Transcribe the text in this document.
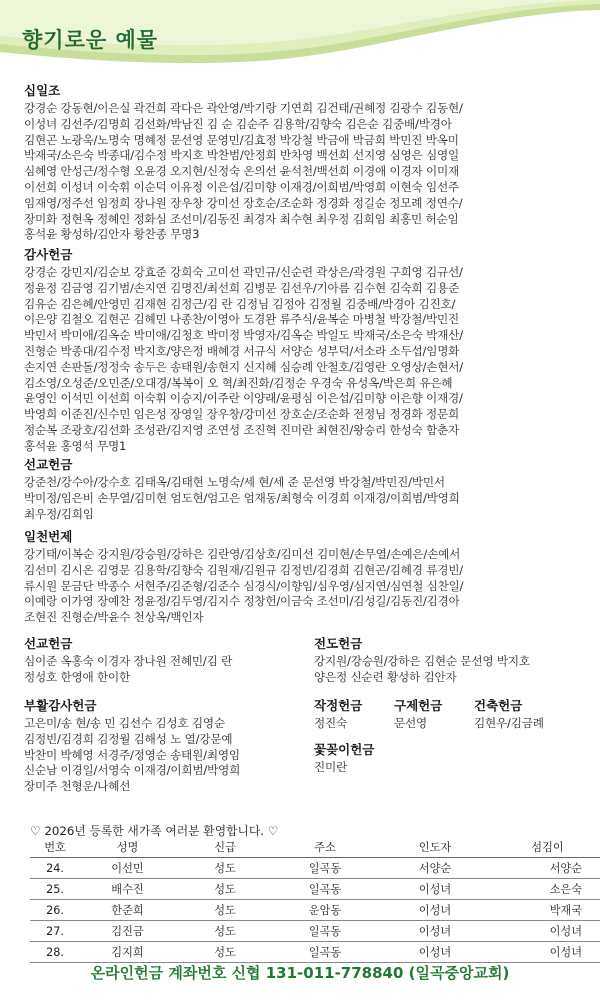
향기로운 예물
십일조
강경순 강동현/이은실 곽건희 곽다은 곽안영/박기랑 기연희 김건태/권혜정 김광수 김동현/
이성녀 김선주/김명희 김선화/박남진 김 순 김순주 김용학/김향숙 김은순 김중배/박경아
김현곤 노광욱/노명숙 명혜정 문선영 문영민/김효정 박강철 박금애 박금희 박민진 박옥미
박재국/소은숙 박종대/김수정 박지호 박찬범/안정희 반차영 백선희 선지영 심영은 심영일
심혜영 안성근/정수형 오윤경 오지현/신정숙 온의선 윤석천/백선희 이경애 이경자 이미재
이선희 이성녀 이숙휘 이순덕 이유정 이은섭/김미향 이재경/이희범/박영희 이현숙 임선주
임재영/정주선 임정희 장나원 장우창 강미선 장호순/조순화 정경화 정길순 정모례 정연수/
장미화 정현옥 정혜인 정화심 조선미/김동진 최경자 최수현 최우정 김희임 최홍민 허순임
홍석윤 황성하/김안자 황찬종 무명3
감사헌금
강경순 강민지/김순보 강효준 강희숙 고미선 곽민규/신순련 곽상은/곽경원 구희영 김규선/
정윤정 김금영 김기범/손지연 김명진/최선희 김병문 김선우/기아름 김수현 김숙희 김용준
김유순 김은혜/안영민 김재현 김정근/김 란 김정님 김정아 김정월 김중배/박경아 김진호/
이은양 김철오 김현곤 김혜민 나종찬/이영아 도경완 류주식/윤복순 마병철 박강철/박민진
박민서 박미애/김옥순 박미애/김청호 박미정 박영자/김옥순 박일도 박재국/소은숙 박재산/
진형순 박종대/김수정 박지호/양은정 배혜경 서규식 서양순 성부덕/서소라 소두섭/임명화
손지연 손판돌/정정숙 송두은 송태원/송현지 신지혜 심승례 안철호/김영란 오영상/손현서/
김소영/오성준/오민준/오대경/복복이 오 혁/최진화/김정순 우경숙 유성옥/박은희 유은혜
윤영인 이석민 이선희 이숙휘 이승지/이주란 이양래/윤평심 이은섭/김미향 이은향 이재경/
박영희 이준진/신수민 임은성 장영일 장우창/강미선 장호순/조순화 전정님 정경화 정문희
정순복 조광호/김선화 조성관/김지영 조연성 조진혁 진미란 최현진/왕승리 한성숙 함춘자
홍석윤 홍영석 무명1
선교헌금
강준천/강수아/강수호 김태옥/김태현 노명숙/세 현/세 준 문선영 박강철/박민진/박민서
박미정/임은비 손무열/김미현 엄도현/엄고은 엄재동/최형숙 이경희 이재경/이희범/박영희
최우정/김희임
일천번제
강기태/이복순 강지원/강승원/강하은 김란영/김상호/김미선 김미현/손무열/손예은/손예서
김선미 김시온 김영문 김용학/김향숙 김원재/김원규 김정빈/김경희 김현곤/김혜경 류경빈/
류시원 문금단 박종수 서현주/김준형/김준수 심경식/이향임/심우영/심지연/심연철 심찬일/
이예랑 이가영 장예찬 정윤정/김두영/김지수 정창헌/이금숙 조선미/김성길/김동진/김경아
조현진 진형순/박윤수 천상옥/백인자
선교헌금
심이준 옥홍숙 이경자 장나원 전혜민/김 란
정성호 한영애 한이한
전도헌금
강지원/강승원/강하은 김현순 문선영 박지호
양은정 신순련 황성하 김안자
부활감사헌금
고은미/송 현/송 민 김선수 김성호 김영순
김정빈/김경희 김정월 김해성 노 열/강문예
박찬미 박혜영 서경주/정영순 송태원/최영임
신순남 이경일/서영숙 이재경/이희범/박영희
장미주 천형운/나혜선
작정헌금
정진숙
구제헌금
문선영
건축헌금
김현우/김금례
꽃꽂이헌금
진미란
♡ 2026년 등록한 새가족 여러분 환영합니다. ♡
번호	성명	신급	주소	인도자	섬김이
24.	이선민	성도	일곡동	서양순	서양순
25.	배수진	성도	일곡동	이성녀	소은숙
26.	한준희	성도	운암동	이성녀	박재국
27.	김진금	성도	일곡동	이성녀	이성녀
28.	김지희	성도	일곡동	이성녀	이성녀
온라인헌금 계좌번호 신협 131-011-778840 (일곡중앙교회)
